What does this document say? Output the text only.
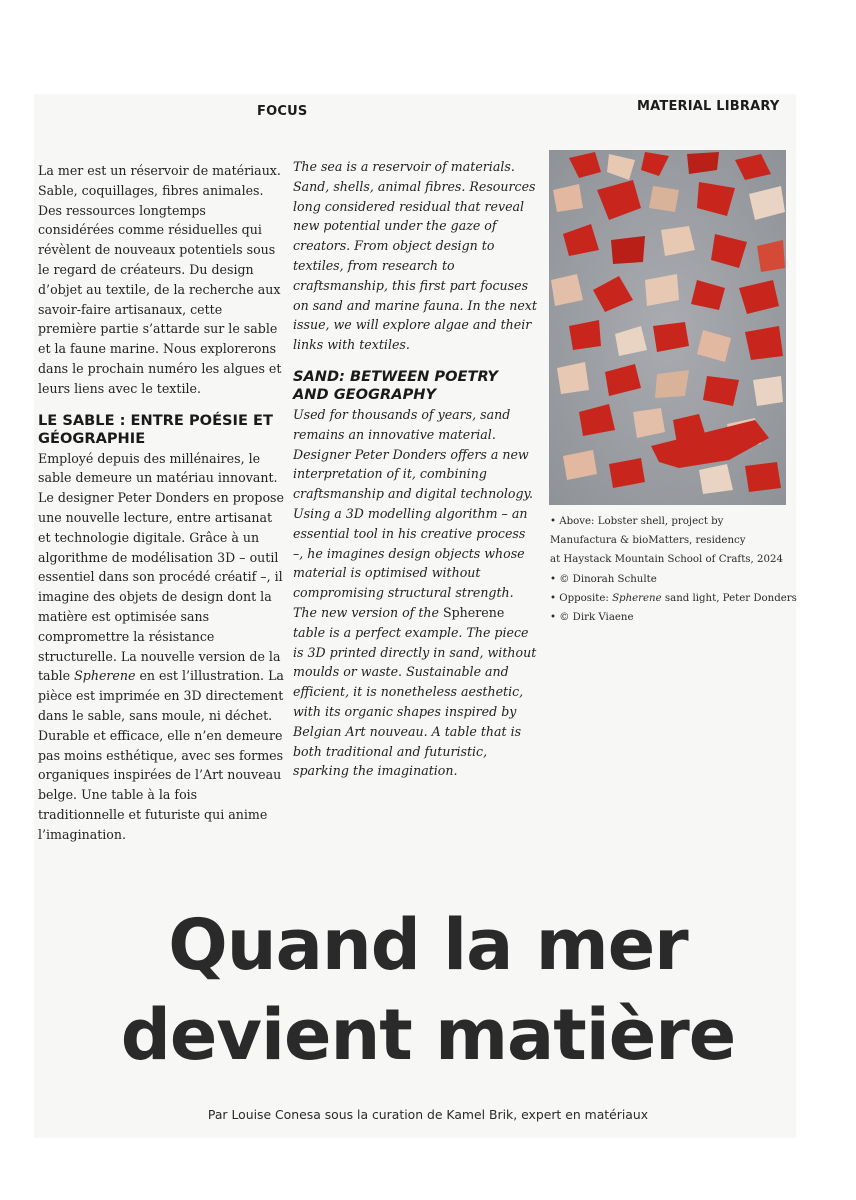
FOCUS	MATERIAL LIBRARY

La mer est un réservoir de matériaux. Sable, coquillages, fibres animales. Des ressources longtemps considérées comme résiduelles qui révèlent de nouveaux potentiels sous le regard de créateurs. Du design d’objet au textile, de la recherche aux savoir-faire artisanaux, cette première partie s’attarde sur le sable et la faune marine. Nous explorerons dans le prochain numéro les algues et leurs liens avec le textile.

LE SABLE : ENTRE POÉSIE ET GÉOGRAPHIE

Employé depuis des millénaires, le sable demeure un matériau innovant. Le designer Peter Donders en propose une nouvelle lecture, entre artisanat et technologie digitale. Grâce à un algorithme de modélisation 3D – outil essentiel dans son procédé créatif –, il imagine des objets de design dont la matière est optimisée sans compromettre la résistance structurelle. La nouvelle version de la table Spherene en est l’illustration. La pièce est imprimée en 3D directement dans le sable, sans moule, ni déchet. Durable et efficace, elle n’en demeure pas moins esthétique, avec ses formes organiques inspirées de l’Art nouveau belge. Une table à la fois traditionnelle et futuriste qui anime l’imagination.

The sea is a reservoir of materials. Sand, shells, animal fibres. Resources long considered residual that reveal new potential under the gaze of creators. From object design to textiles, from research to craftsmanship, this first part focuses on sand and marine fauna. In the next issue, we will explore algae and their links with textiles.

SAND: BETWEEN POETRY AND GEOGRAPHY

Used for thousands of years, sand remains an innovative material. Designer Peter Donders offers a new interpretation of it, combining craftsmanship and digital technology. Using a 3D modelling algorithm – an essential tool in his creative process –, he imagines design objects whose material is optimised without compromising structural strength. The new version of the Spherene table is a perfect example. The piece is 3D printed directly in sand, without moulds or waste. Sustainable and efficient, it is nonetheless aesthetic, with its organic shapes inspired by Belgian Art nouveau. A table that is both traditional and futuristic, sparking the imagination.

• Above: Lobster shell, project by
Manufactura & bioMatters, residency
at Haystack Mountain School of Crafts, 2024
• © Dinorah Schulte
• Opposite: Spherene sand light, Peter Donders
• © Dirk Viaene
Quand la mer
devient matière
Par Louise Conesa sous la curation de Kamel Brik, expert en matériaux
